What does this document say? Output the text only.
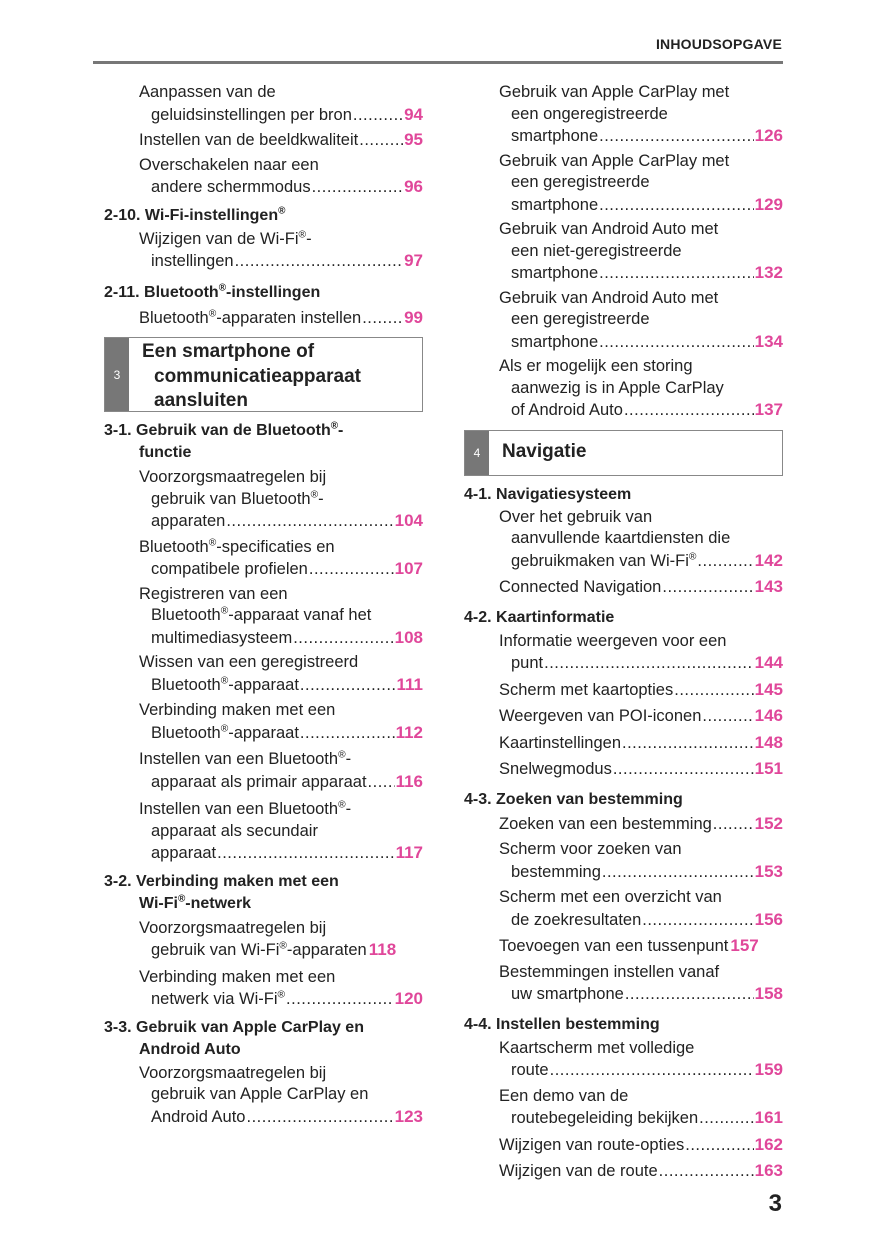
INHOUDSOPGAVE
Aanpassen van de
geluidsinstellingen per bron .....	94
Instellen van de beeldkwaliteit .....	95
Overschakelen naar een
andere schermmodus .....	96
2-10. Wi-Fi-instellingen®
Wijzigen van de Wi-Fi®-
instellingen .....	97
2-11. Bluetooth®-instellingen
Bluetooth®-apparaten instellen .....	99
3
Een smartphone of
communicatieapparaat
aansluiten
3-1. Gebruik van de Bluetooth®-
functie
Voorzorgsmaatregelen bij
gebruik van Bluetooth®-
apparaten .....	104
Bluetooth®-specificaties en
compatibele profielen .....	107
Registreren van een
Bluetooth®-apparaat vanaf het
multimediasysteem .....	108
Wissen van een geregistreerd
Bluetooth®-apparaat .....	111
Verbinding maken met een
Bluetooth®-apparaat .....	112
Instellen van een Bluetooth®-
apparaat als primair apparaat ..... 116
Instellen van een Bluetooth®-
apparaat als secundair
apparaat .....	117
3-2. Verbinding maken met een
Wi-Fi®-netwerk
Voorzorgsmaatregelen bij
gebruik van Wi-Fi®-apparaten 118
Verbinding maken met een
netwerk via Wi-Fi® .....	120
3-3. Gebruik van Apple CarPlay en
Android Auto
Voorzorgsmaatregelen bij
gebruik van Apple CarPlay en
Android Auto .....	123
Gebruik van Apple CarPlay met
een ongeregistreerde
smartphone .....	126
Gebruik van Apple CarPlay met
een geregistreerde
smartphone .....	129
Gebruik van Android Auto met
een niet-geregistreerde
smartphone .....	132
Gebruik van Android Auto met
een geregistreerde
smartphone .....	134
Als er mogelijk een storing
aanwezig is in Apple CarPlay
of Android Auto .....	137
4	Navigatie
4-1. Navigatiesysteem
Over het gebruik van
aanvullende kaartdiensten die
gebruikmaken van Wi-Fi® .....	142
Connected Navigation .....	143
4-2. Kaartinformatie
Informatie weergeven voor een
punt .....	144
Scherm met kaartopties .....	145
Weergeven van POI-iconen .....	146
Kaartinstellingen .....	148
Snelwegmodus .....	151
4-3. Zoeken van bestemming
Zoeken van een bestemming .....	152
Scherm voor zoeken van
bestemming .....	153
Scherm met een overzicht van
de zoekresultaten .....	156
Toevoegen van een tussenpunt 157
Bestemmingen instellen vanaf
uw smartphone .....	158
4-4. Instellen bestemming
Kaartscherm met volledige
route .....	159
Een demo van de
routebegeleiding bekijken .....	161
Wijzigen van route-opties .....	162
Wijzigen van de route .....	163
3
